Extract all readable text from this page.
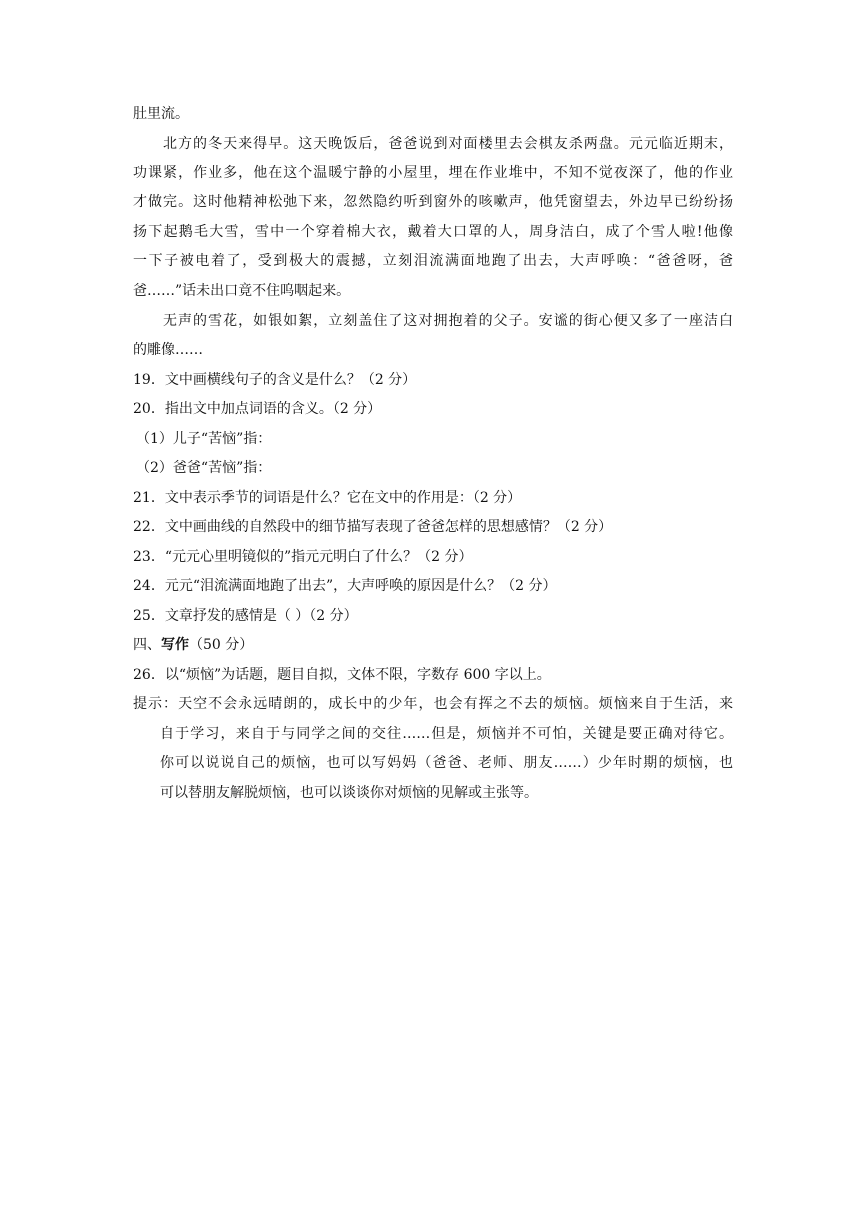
肚里流。
北方的冬天来得早。这天晚饭后，爸爸说到对面楼里去会棋友杀两盘。元元临近期末，
功课紧，作业多，他在这个温暖宁静的小屋里，埋在作业堆中，不知不觉夜深了，他的作业
才做完。这时他精神松弛下来，忽然隐约听到窗外的咳嗽声，他凭窗望去，外边早已纷纷扬
扬下起鹅毛大雪，雪中一个穿着棉大衣，戴着大口罩的人，周身洁白，成了个雪人啦!他像
一下子被电着了，受到极大的震撼，立刻泪流满面地跑了出去，大声呼唤：“爸爸呀，爸
爸……”话未出口竟不住呜咽起来。
无声的雪花，如银如絮，立刻盖住了这对拥抱着的父子。安谧的街心便又多了一座洁白
的雕像……
19．文中画横线句子的含义是什么？（2 分）
20．指出文中加点词语的含义。（2 分）
（1）儿子“苦恼”指：
（2）爸爸“苦恼”指：
21．文中表示季节的词语是什么？它在文中的作用是：（2 分）
22．文中画曲线的自然段中的细节描写表现了爸爸怎样的思想感情？（2 分）
23．“元元心里明镜似的”指元元明白了什么？（2 分）
24．元元“泪流满面地跑了出去”，大声呼唤的原因是什么？（2 分）
25．文章抒发的感情是（ ）（2 分）
四、写作（50 分）
26．以“烦恼”为话题，题目自拟，文体不限，字数存 600 字以上。
提示：天空不会永远晴朗的，成长中的少年，也会有挥之不去的烦恼。烦恼来自于生活，来
自于学习，来自于与同学之间的交往……但是，烦恼并不可怕，关键是要正确对待它。
你可以说说自己的烦恼，也可以写妈妈（爸爸、老师、朋友……）少年时期的烦恼，也
可以替朋友解脱烦恼，也可以谈谈你对烦恼的见解或主张等。
